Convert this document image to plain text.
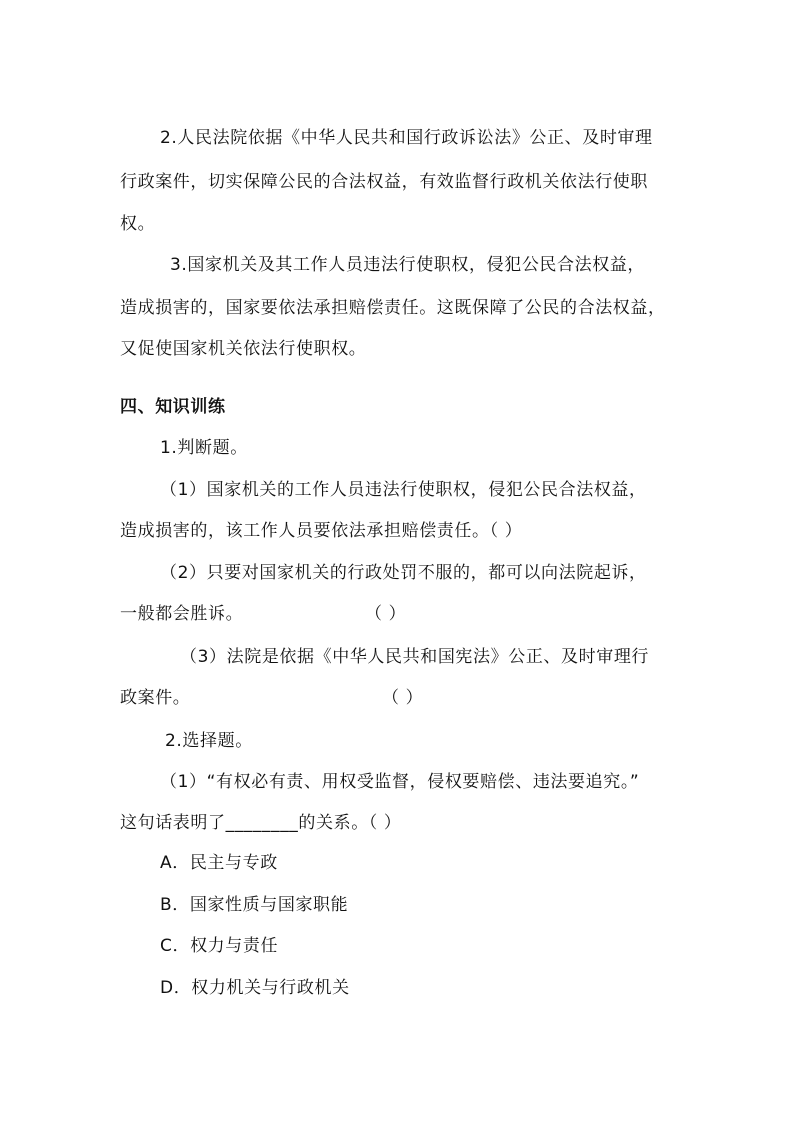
2.人民法院依据《中华人民共和国行政诉讼法》公正、及时审理
行政案件，切实保障公民的合法权益，有效监督行政机关依法行使职
权。
3.国家机关及其工作人员违法行使职权，侵犯公民合法权益，
造成损害的，国家要依法承担赔偿责任。这既保障了公民的合法权益，
又促使国家机关依法行使职权。
四、知识训练
1.判断题。
（1）国家机关的工作人员违法行使职权，侵犯公民合法权益，
造成损害的，该工作人员要依法承担赔偿责任。（ ）
（2）只要对国家机关的行政处罚不服的，都可以向法院起诉，
一般都会胜诉。	（ ）
（3）法院是依据《中华人民共和国宪法》公正、及时审理行
政案件。	（ ）
2.选择题。
（1）“有权必有责、用权受监督，侵权要赔偿、违法要追究。”
这句话表明了________的关系。（ ）
A．民主与专政
B．国家性质与国家职能
C．权力与责任
D．权力机关与行政机关
